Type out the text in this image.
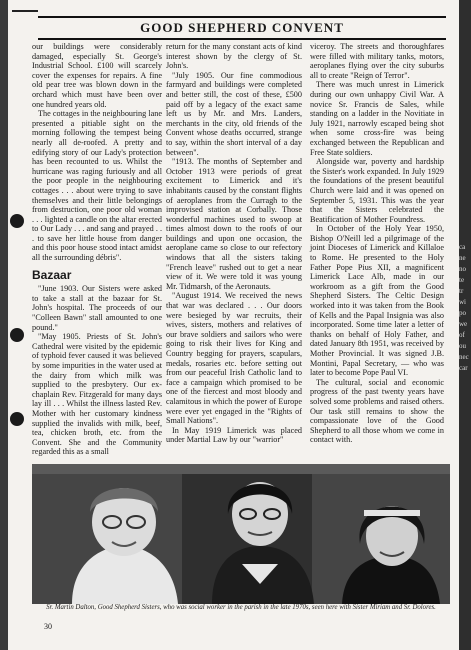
ca
ne
no
te
tr
wi
po
we
of
ou
nec
car
GOOD SHEPHERD CONVENT

our buildings were considerably damaged, especially St. George's Industrial School. £100 will scarcely cover the expenses for repairs. A fine old pear tree was blown down in the orchard which must have been over one hundred years old.

The cottages in the neighbouring lane presented a pitiable sight on the morning following the tempest being nearly all de-roofed. A pretty and edifying story of our Lady's protection has been recounted to us. Whilst the hurricane was raging furiously and all the poor people in the neighbouring cottages . . . about were trying to save themselves and their little belongings from destruction, one poor old woman . . . lighted a candle on the altar erected to Our Lady . . . and sang and prayed . . . to save her little house from danger and this poor house stood intact amidst all the surrounding débris".

Bazaar

"June 1903. Our Sisters were asked to take a stall at the bazaar for St. John's hospital. The proceeds of our "Colleen Bawn" stall amounted to one pound."

"May 1905. Priests of St. John's Cathedral were visited by the epidemic of typhoid fever caused it was believed by some impurities in the water used at the dairy from which milk was supplied to the presbytery. Our ex-chaplain Rev. Fitzgerald for many days lay ill . . . Whilst the illness lasted Rev. Mother with her customary kindness supplied the invalids with milk, beef, tea, chicken broth, etc. from the Convent. She and the Community regarded this as a small

return for the many constant acts of kind interest shown by the clergy of St. John's.

"July 1905. Our fine commodious farmyard and buildings were completed and better still, the cost of these, £500 paid off by a legacy of the exact same left us by Mr. and Mrs. Landers, merchants in the city, old friends of the Convent whose deaths occurred, strange to say, within the short interval of a day between".

"1913. The months of September and October 1913 were periods of great excitement to Limerick and it's inhabitants caused by the constant flights of aeroplanes from the Curragh to the improvised station at Corbally. Those wonderful machines used to swoop at times almost down to the roofs of our buildings and upon one occasion, the aeroplane came so close to our refectory windows that all the sisters taking "French leave" rushed out to get a near view of it. We were told it was young Mr. Tidmarsh, of the Aeronauts.

"August 1914. We received the news that war was declared . . . Our doors were besieged by war recruits, their wives, sisters, mothers and relatives of our brave soldiers and sailors who were going to risk their lives for King and Country begging for prayers, scapulars, medals, rosaries etc. before setting out from our peaceful Irish Catholic land to face a campaign which promised to be one of the fiercest and most bloody and calamitous in which the power of Europe were ever yet engaged in the "Rights of Small Nations".

In May 1919 Limerick was placed under Martial Law by our "warrior"

viceroy. The streets and thoroughfares were filled with military tanks, motors, aeroplanes flying over the city suburbs all to create "Reign of Terror".

There was much unrest in Limerick during our own unhappy Civil War. A novice Sr. Francis de Sales, while standing on a ladder in the Novitiate in July 1921, narrowly escaped being shot when some cross-fire was being exchanged between the Republican and Free State soldiers.

Alongside war, poverty and hardship the Sister's work expanded. In July 1929 the foundations of the present beautiful Church were laid and it was opened on September 5, 1931. This was the year that the Sisters celebrated the Beatification of Mother Foundress.

In October of the Holy Year 1950, Bishop O'Neill led a pilgrimage of the joint Dioceses of Limerick and Killaloe to Rome. He presented to the Holy Father Pope Pius XII, a magnificent Limerick Lace Alb, made in our workroom as a gift from the Good Shepherd Sisters. The Celtic Design worked into it was taken from the Book of Kells and the Papal Insignia was also incorporated. Some time later a letter of thanks on behalf of Holy Father, and dated January 8th 1951, was received by Mother Provincial. It was signed J.B. Montini, Papal Secretary, — who was later to become Pope Paul VI.

The cultural, social and economic progress of the past twenty years have solved some problems and raised others. Our task still remains to show the compassionate love of the Good Shepherd to all those whom we come in contact with.

Sr. Martin Dalton, Good Shepherd Sisters, who was social worker in the parish in the late 1970s, seen here with Sister Miriam and Sr. Dolores.
30
